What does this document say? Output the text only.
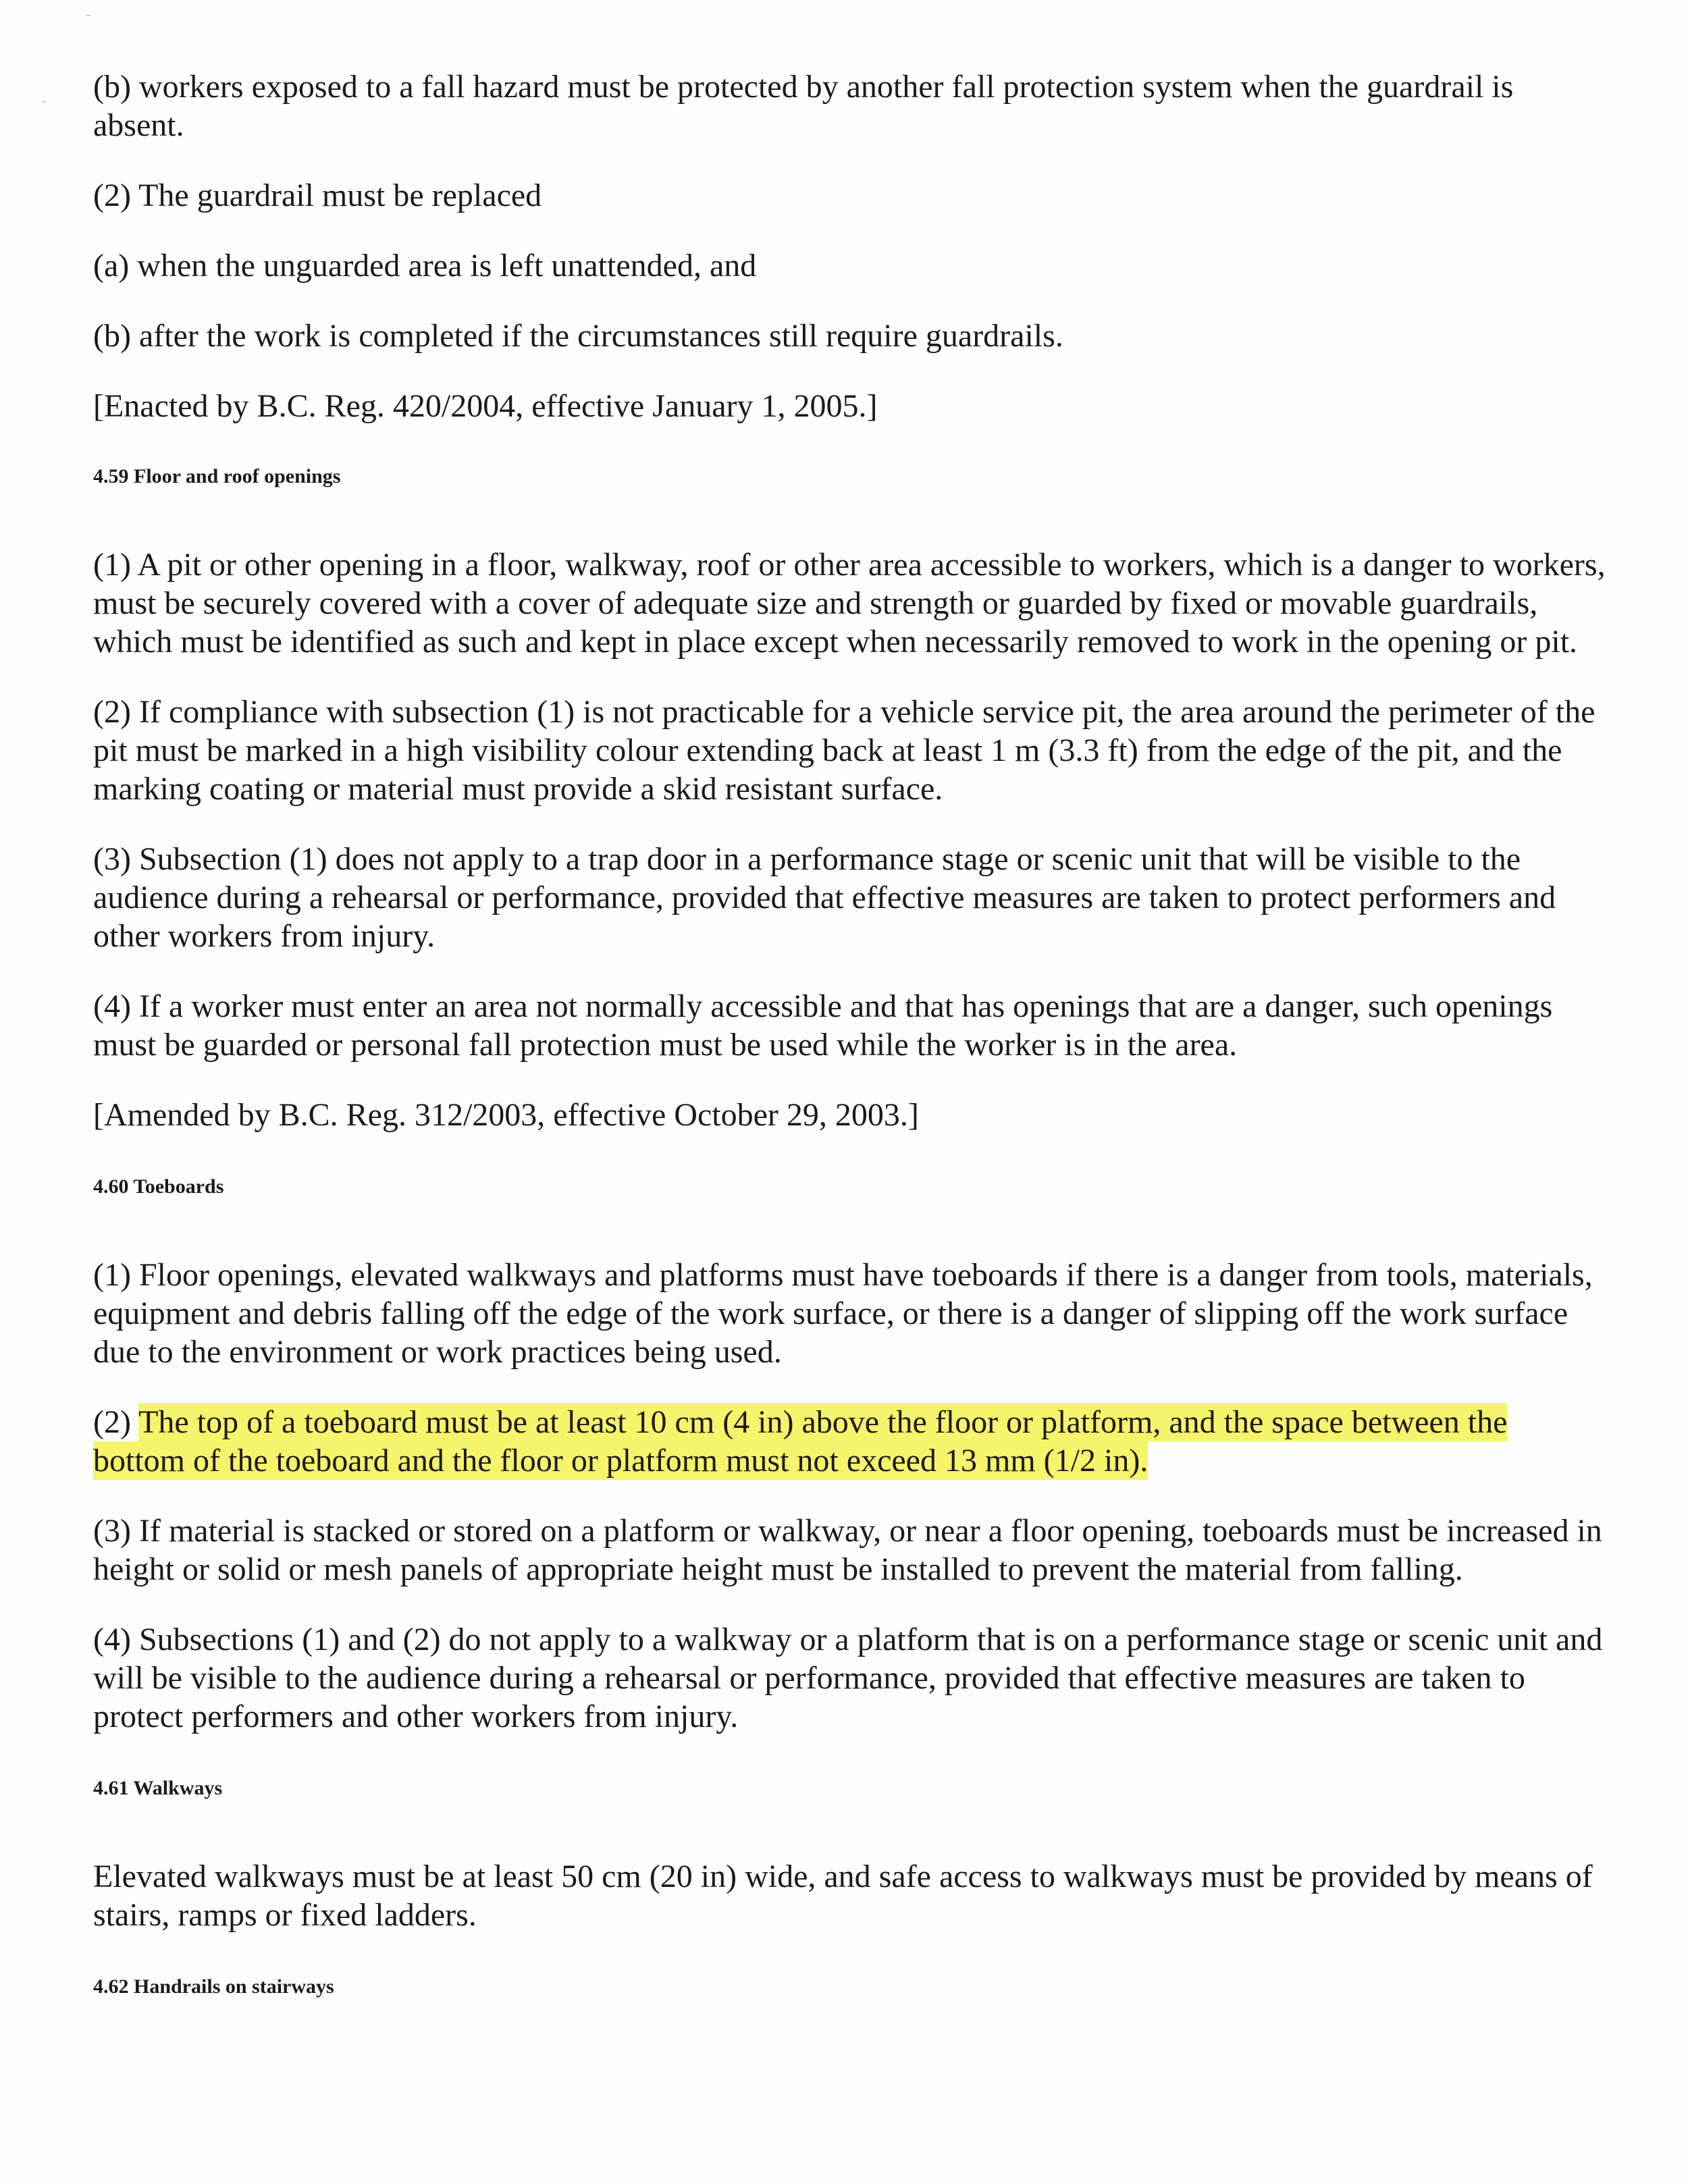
(b) workers exposed to a fall hazard must be protected by another fall protection system when the guardrail is absent.

(2) The guardrail must be replaced

(a) when the unguarded area is left unattended, and

(b) after the work is completed if the circumstances still require guardrails.

[Enacted by B.C. Reg. 420/2004, effective January 1, 2005.]

4.59 Floor and roof openings

(1) A pit or other opening in a floor, walkway, roof or other area accessible to workers, which is a danger to workers, must be securely covered with a cover of adequate size and strength or guarded by fixed or movable guardrails, which must be identified as such and kept in place except when necessarily removed to work in the opening or pit.

(2) If compliance with subsection (1) is not practicable for a vehicle service pit, the area around the perimeter of the pit must be marked in a high visibility colour extending back at least 1 m (3.3 ft) from the edge of the pit, and the marking coating or material must provide a skid resistant surface.

(3) Subsection (1) does not apply to a trap door in a performance stage or scenic unit that will be visible to the audience during a rehearsal or performance, provided that effective measures are taken to protect performers and other workers from injury.

(4) If a worker must enter an area not normally accessible and that has openings that are a danger, such openings must be guarded or personal fall protection must be used while the worker is in the area.

[Amended by B.C. Reg. 312/2003, effective October 29, 2003.]

4.60 Toeboards

(1) Floor openings, elevated walkways and platforms must have toeboards if there is a danger from tools, materials, equipment and debris falling off the edge of the work surface, or there is a danger of slipping off the work surface due to the environment or work practices being used.

(2) The top of a toeboard must be at least 10 cm (4 in) above the floor or platform, and the space between the bottom of the toeboard and the floor or platform must not exceed 13 mm (1/2 in).

(3) If material is stacked or stored on a platform or walkway, or near a floor opening, toeboards must be increased in height or solid or mesh panels of appropriate height must be installed to prevent the material from falling.

(4) Subsections (1) and (2) do not apply to a walkway or a platform that is on a performance stage or scenic unit and will be visible to the audience during a rehearsal or performance, provided that effective measures are taken to protect performers and other workers from injury.

4.61 Walkways

Elevated walkways must be at least 50 cm (20 in) wide, and safe access to walkways must be provided by means of stairs, ramps or fixed ladders.

4.62 Handrails on stairways
